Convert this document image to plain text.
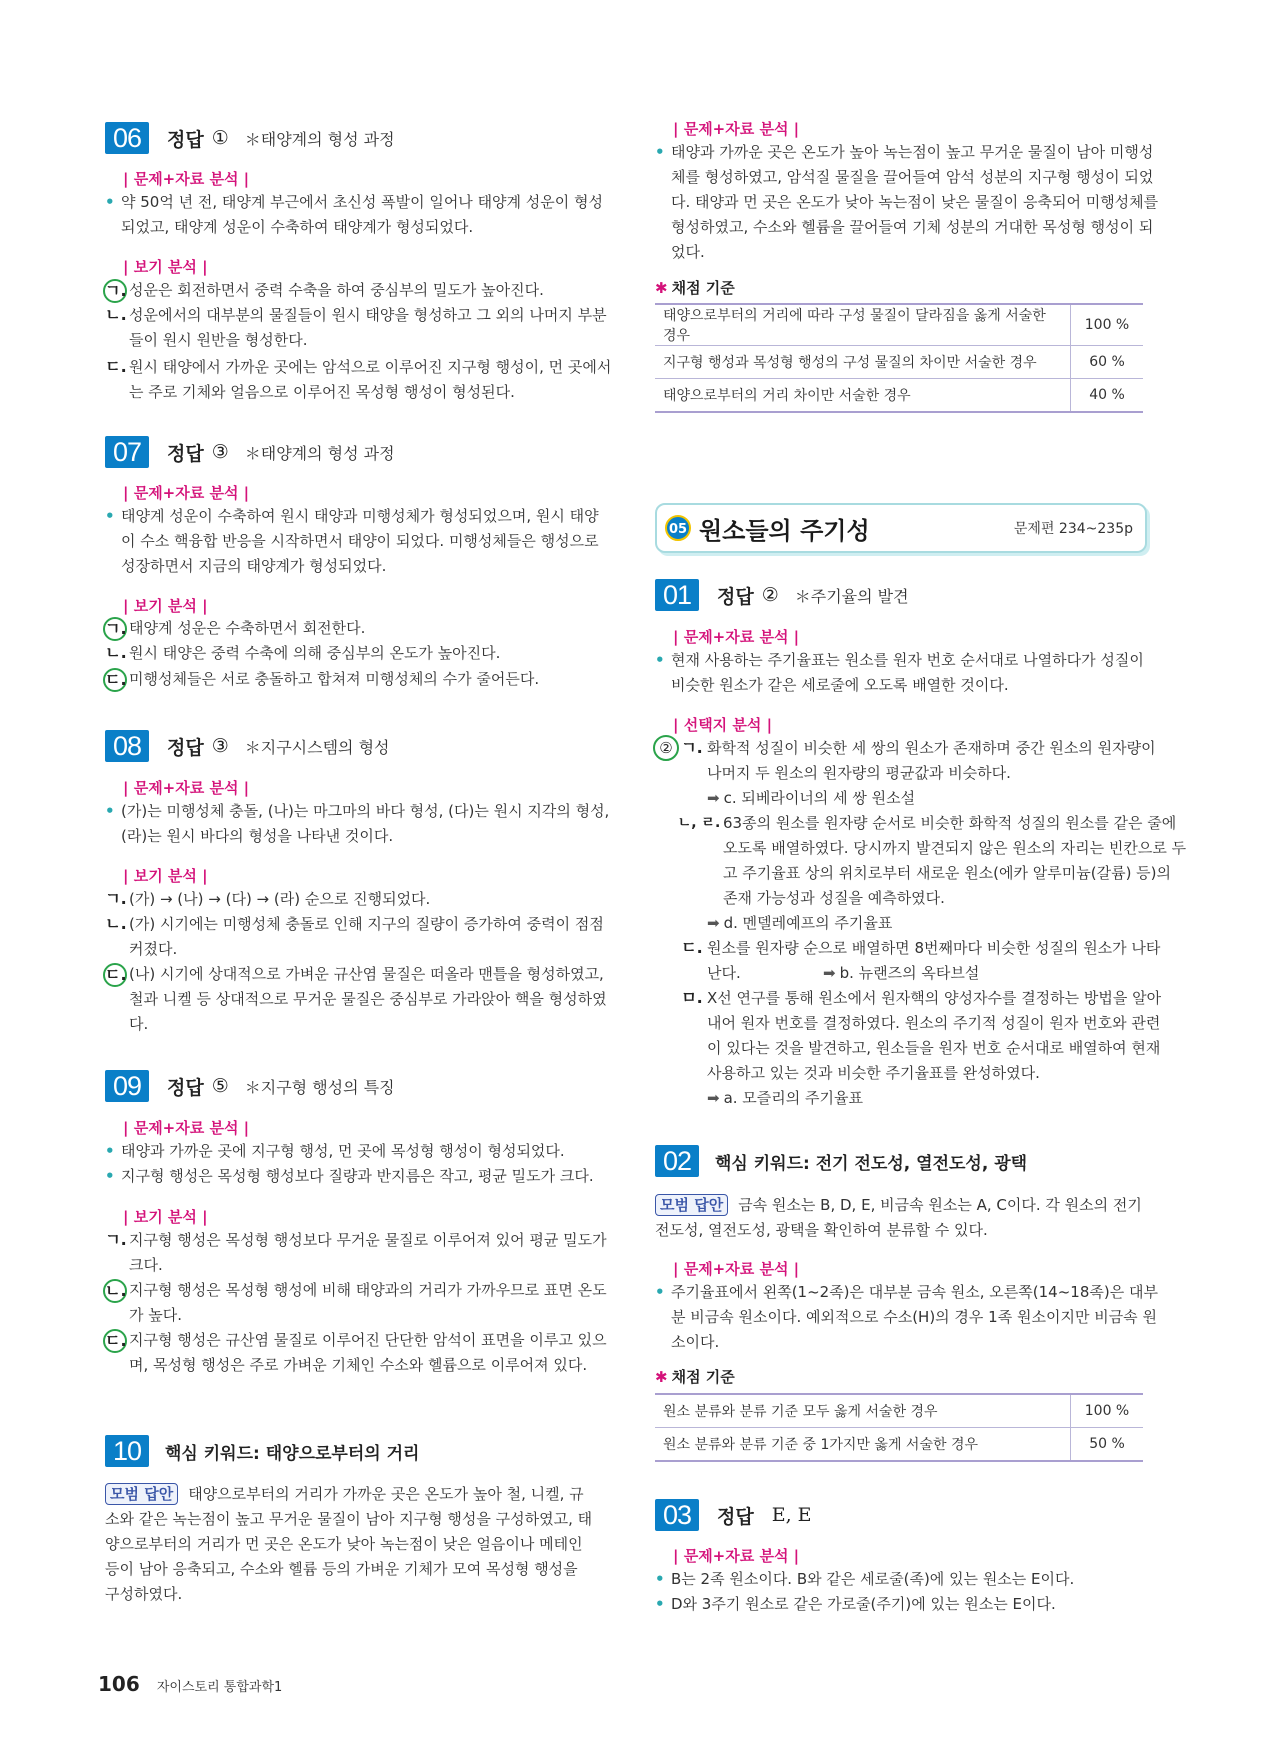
06	정답 ① ＊태양계의 형성 과정
| 문제+자료 분석 |
• 약 50억 년 전, 태양계 부근에서 초신성 폭발이 일어나 태양계 성운이 형성되었고, 태양계 성운이 수축하여 태양계가 형성되었다.
| 보기 분석 |
ㄱ. 성운은 회전하면서 중력 수축을 하여 중심부의 밀도가 높아진다.
ㄴ. 성운에서의 대부분의 물질들이 원시 태양을 형성하고 그 외의 나머지 부분들이 원시 원반을 형성한다.
ㄷ. 원시 태양에서 가까운 곳에는 암석으로 이루어진 지구형 행성이, 먼 곳에서는 주로 기체와 얼음으로 이루어진 목성형 행성이 형성된다.
07	정답 ③ ＊태양계의 형성 과정
| 문제+자료 분석 |
• 태양계 성운이 수축하여 원시 태양과 미행성체가 형성되었으며, 원시 태양이 수소 핵융합 반응을 시작하면서 태양이 되었다. 미행성체들은 행성으로 성장하면서 지금의 태양계가 형성되었다.
| 보기 분석 |
ㄱ. 태양계 성운은 수축하면서 회전한다.
ㄴ. 원시 태양은 중력 수축에 의해 중심부의 온도가 높아진다.
ㄷ. 미행성체들은 서로 충돌하고 합쳐져 미행성체의 수가 줄어든다.
08	정답 ③ ＊지구시스템의 형성
| 문제+자료 분석 |
• (가)는 미행성체 충돌, (나)는 마그마의 바다 형성, (다)는 원시 지각의 형성, (라)는 원시 바다의 형성을 나타낸 것이다.
| 보기 분석 |
ㄱ. (가) → (나) → (다) → (라) 순으로 진행되었다.
ㄴ. (가) 시기에는 미행성체 충돌로 인해 지구의 질량이 증가하여 중력이 점점 커졌다.
ㄷ. (나) 시기에 상대적으로 가벼운 규산염 물질은 떠올라 맨틀을 형성하였고, 철과 니켈 등 상대적으로 무거운 물질은 중심부로 가라앉아 핵을 형성하였다.
09	정답 ⑤ ＊지구형 행성의 특징
| 문제+자료 분석 |
• 태양과 가까운 곳에 지구형 행성, 먼 곳에 목성형 행성이 형성되었다.
• 지구형 행성은 목성형 행성보다 질량과 반지름은 작고, 평균 밀도가 크다.
| 보기 분석 |
ㄱ. 지구형 행성은 목성형 행성보다 무거운 물질로 이루어져 있어 평균 밀도가 크다.
ㄴ. 지구형 행성은 목성형 행성에 비해 태양과의 거리가 가까우므로 표면 온도가 높다.
ㄷ. 지구형 행성은 규산염 물질로 이루어진 단단한 암석이 표면을 이루고 있으며, 목성형 행성은 주로 가벼운 기체인 수소와 헬륨으로 이루어져 있다.
10	핵심 키워드: 태양으로부터의 거리
모범 답안 태양으로부터의 거리가 가까운 곳은 온도가 높아 철, 니켈, 규소와 같은 녹는점이 높고 무거운 물질이 남아 지구형 행성을 구성하였고, 태양으로부터의 거리가 먼 곳은 온도가 낮아 녹는점이 낮은 얼음이나 메테인 등이 남아 응축되고, 수소와 헬륨 등의 가벼운 기체가 모여 목성형 행성을 구성하였다.
| 문제+자료 분석 |
• 태양과 가까운 곳은 온도가 높아 녹는점이 높고 무거운 물질이 남아 미행성체를 형성하였고, 암석질 물질을 끌어들여 암석 성분의 지구형 행성이 되었다. 태양과 먼 곳은 온도가 낮아 녹는점이 낮은 물질이 응축되어 미행성체를 형성하였고, 수소와 헬륨을 끌어들여 기체 성분의 거대한 목성형 행성이 되었다.
✱ 채점 기준
태양으로부터의 거리에 따라 구성 물질이 달라짐을 옳게 서술한 경우	100 %
지구형 행성과 목성형 행성의 구성 물질의 차이만 서술한 경우	60 %
태양으로부터의 거리 차이만 서술한 경우	40 %
05 원소들의 주기성	문제편 234~235p
01	정답 ② ＊주기율의 발견
| 문제+자료 분석 |
• 현재 사용하는 주기율표는 원소를 원자 번호 순서대로 나열하다가 성질이 비슷한 원소가 같은 세로줄에 오도록 배열한 것이다.
| 선택지 분석 |
② ㄱ. 화학적 성질이 비슷한 세 쌍의 원소가 존재하며 중간 원소의 원자량이 나머지 두 원소의 원자량의 평균값과 비슷하다.
➡ c. 되베라이너의 세 쌍 원소설
ㄴ, ㄹ. 63종의 원소를 원자량 순서로 비슷한 화학적 성질의 원소를 같은 줄에 오도록 배열하였다. 당시까지 발견되지 않은 원소의 자리는 빈칸으로 두고 주기율표 상의 위치로부터 새로운 원소(에카 알루미늄(갈륨) 등)의 존재 가능성과 성질을 예측하였다.
➡ d. 멘델레예프의 주기율표
ㄷ. 원소를 원자량 순으로 배열하면 8번째마다 비슷한 성질의 원소가 나타난다.	➡ b. 뉴랜즈의 옥타브설
ㅁ. X선 연구를 통해 원소에서 원자핵의 양성자수를 결정하는 방법을 알아내어 원자 번호를 결정하였다. 원소의 주기적 성질이 원자 번호와 관련이 있다는 것을 발견하고, 원소들을 원자 번호 순서대로 배열하여 현재 사용하고 있는 것과 비슷한 주기율표를 완성하였다.
➡ a. 모즐리의 주기율표
02	핵심 키워드: 전기 전도성, 열전도성, 광택
모범 답안 금속 원소는 B, D, E, 비금속 원소는 A, C이다. 각 원소의 전기 전도성, 열전도성, 광택을 확인하여 분류할 수 있다.
| 문제+자료 분석 |
• 주기율표에서 왼쪽(1~2족)은 대부분 금속 원소, 오른쪽(14~18족)은 대부분 비금속 원소이다. 예외적으로 수소(H)의 경우 1족 원소이지만 비금속 원소이다.
✱ 채점 기준
원소 분류와 분류 기준 모두 옳게 서술한 경우	100 %
원소 분류와 분류 기준 중 1가지만 옳게 서술한 경우	50 %
03	정답 E, E
| 문제+자료 분석 |
• B는 2족 원소이다. B와 같은 세로줄(족)에 있는 원소는 E이다.
• D와 3주기 원소로 같은 가로줄(주기)에 있는 원소는 E이다.
106 자이스토리 통합과학1
